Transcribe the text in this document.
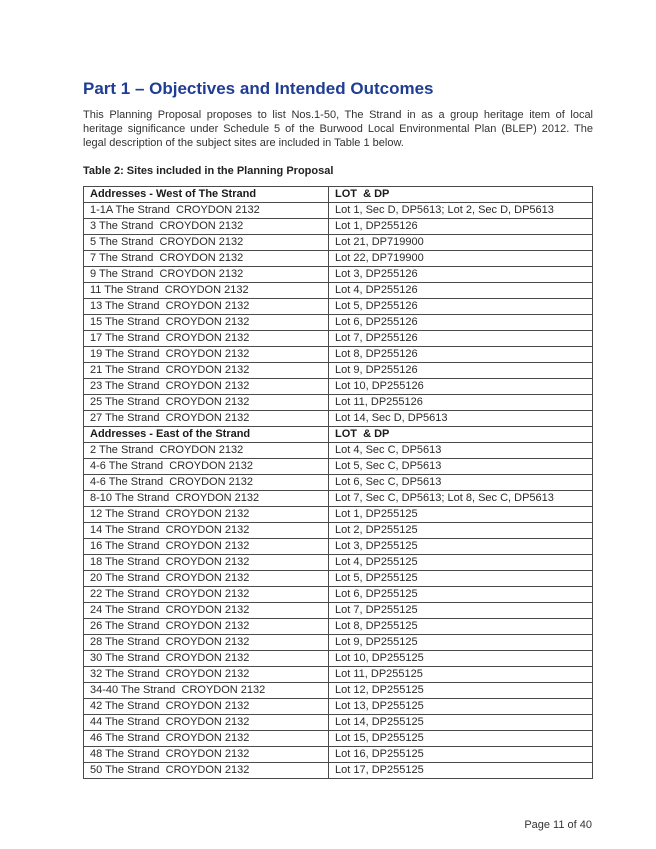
Part 1 – Objectives and Intended Outcomes

This Planning Proposal proposes to list Nos.1-50, The Strand in as a group heritage item of local heritage significance under Schedule 5 of the Burwood Local Environmental Plan (BLEP) 2012. The legal description of the subject sites are included in Table 1 below.

Table 2: Sites included in the Planning Proposal

Addresses - West of The Strand	LOT  & DP
1-1A The Strand  CROYDON 2132	Lot 1, Sec D, DP5613; Lot 2, Sec D, DP5613
3 The Strand  CROYDON 2132	Lot 1, DP255126
5 The Strand  CROYDON 2132	Lot 21, DP719900
7 The Strand  CROYDON 2132	Lot 22, DP719900
9 The Strand  CROYDON 2132	Lot 3, DP255126
11 The Strand  CROYDON 2132	Lot 4, DP255126
13 The Strand  CROYDON 2132	Lot 5, DP255126
15 The Strand  CROYDON 2132	Lot 6, DP255126
17 The Strand  CROYDON 2132	Lot 7, DP255126
19 The Strand  CROYDON 2132	Lot 8, DP255126
21 The Strand  CROYDON 2132	Lot 9, DP255126
23 The Strand  CROYDON 2132	Lot 10, DP255126
25 The Strand  CROYDON 2132	Lot 11, DP255126
27 The Strand  CROYDON 2132	Lot 14, Sec D, DP5613
Addresses - East of the Strand	LOT  & DP
2 The Strand  CROYDON 2132	Lot 4, Sec C, DP5613
4-6 The Strand  CROYDON 2132	Lot 5, Sec C, DP5613
4-6 The Strand  CROYDON 2132	Lot 6, Sec C, DP5613
8-10 The Strand  CROYDON 2132	Lot 7, Sec C, DP5613; Lot 8, Sec C, DP5613
12 The Strand  CROYDON 2132	Lot 1, DP255125
14 The Strand  CROYDON 2132	Lot 2, DP255125
16 The Strand  CROYDON 2132	Lot 3, DP255125
18 The Strand  CROYDON 2132	Lot 4, DP255125
20 The Strand  CROYDON 2132	Lot 5, DP255125
22 The Strand  CROYDON 2132	Lot 6, DP255125
24 The Strand  CROYDON 2132	Lot 7, DP255125
26 The Strand  CROYDON 2132	Lot 8, DP255125
28 The Strand  CROYDON 2132	Lot 9, DP255125
30 The Strand  CROYDON 2132	Lot 10, DP255125
32 The Strand  CROYDON 2132	Lot 11, DP255125
34-40 The Strand  CROYDON 2132	Lot 12, DP255125
42 The Strand  CROYDON 2132	Lot 13, DP255125
44 The Strand  CROYDON 2132	Lot 14, DP255125
46 The Strand  CROYDON 2132	Lot 15, DP255125
48 The Strand  CROYDON 2132	Lot 16, DP255125
50 The Strand  CROYDON 2132	Lot 17, DP255125
Page 11 of 40
